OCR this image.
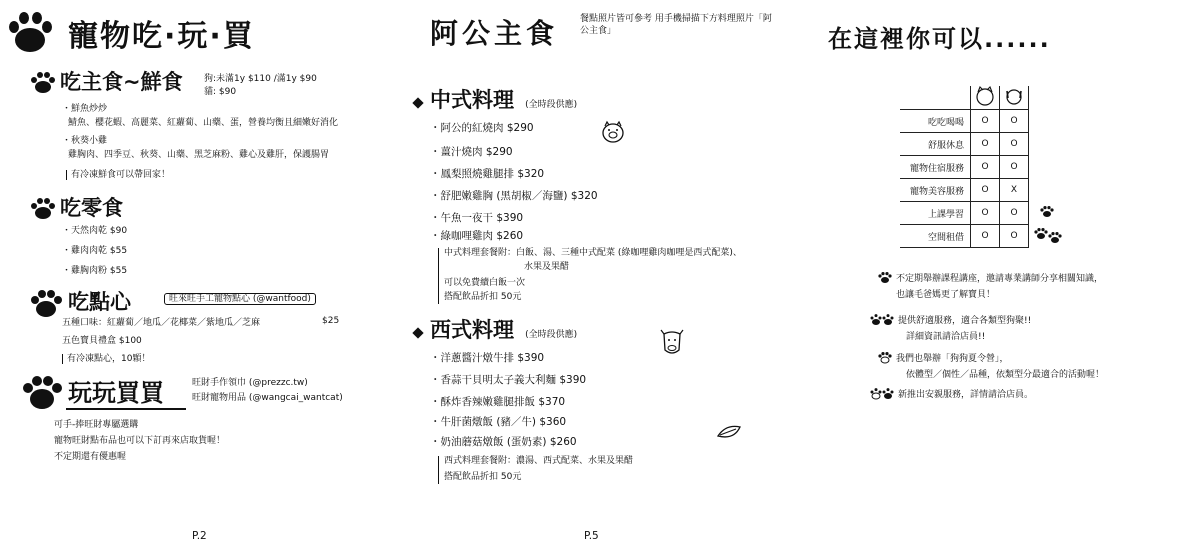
寵物吃·玩·買
吃主食~鮮食 狗:未滿1y $110 /滿1y $90
貓: $90
・鮮魚炒炒
鯖魚、櫻花蝦、高麗菜、紅蘿蔔、山藥、蛋，營養均衡且細嫩好消化
・秋葵小雞
雞胸肉、四季豆、秋葵、山藥、黑芝麻粉、雞心及雞肝，保護腸胃
有冷凍鮮食可以帶回家！
吃零食
・天然肉乾 $90
・雞肉肉乾 $55
・雞胸肉粉 $55
吃點心	旺來旺手工寵物點心 (@wantfood)
五種口味：紅蘿蔔／地瓜／花椰菜／紫地瓜／芝麻	$25
五色寶貝禮盒 $100
有冷凍點心，10顆！
玩玩買買	旺財手作領巾 (@prezzc.tw)
旺財寵物用品 (@wangcai_wantcat)
可手-捧旺財專屬選購
寵物旺財點布品也可以下訂再來店取貨喔！
不定期還有優惠喔
P.2
阿公主食 餐點照片皆可參考 用手機掃描下方料理照片「阿公主食」
中式料理 (全時段供應)
・阿公的紅燒肉 $290
・薑汁燒肉 $290
・鳳梨照燒雞腿排 $320
・舒肥嫩雞胸 (黑胡椒／海鹽) $320
・午魚一夜干 $390
・綠咖哩雞肉 $260
中式料理套餐附：白飯、湯、三種中式配菜 (綠咖哩雞肉咖哩是西式配菜)、
水果及果醋
可以免費續白飯一次
搭配飲品折扣 50元
西式料理 (全時段供應)
・洋蔥醬汁燉牛排 $390
・香蒜干貝明太子義大利麵 $390
・酥炸香辣嫩雞腿排飯 $370
・牛肝菌燉飯 (豬／牛) $360
・奶油蘑菇燉飯 (蛋奶素) $260
西式料理套餐附：濃湯、西式配菜、水果及果醋
搭配飲品折扣 50元
P.5
在這裡你可以......

吃吃喝喝	O	O
舒服休息	O	O
寵物住宿服務	O	O
寵物美容服務	O	X
上課學習	O	O
空間租借	O	O
不定期舉辦課程講座，邀請專業講師分享相關知識，
也讓毛爸媽更了解寶貝！
提供舒適服務，適合各類型狗聚!!
詳細資訊請洽店員!!
我們也舉辦「狗狗夏令營」，
依體型／個性／品種，依類型分最適合的活動喔！
新推出安親服務，詳情請洽店員。
